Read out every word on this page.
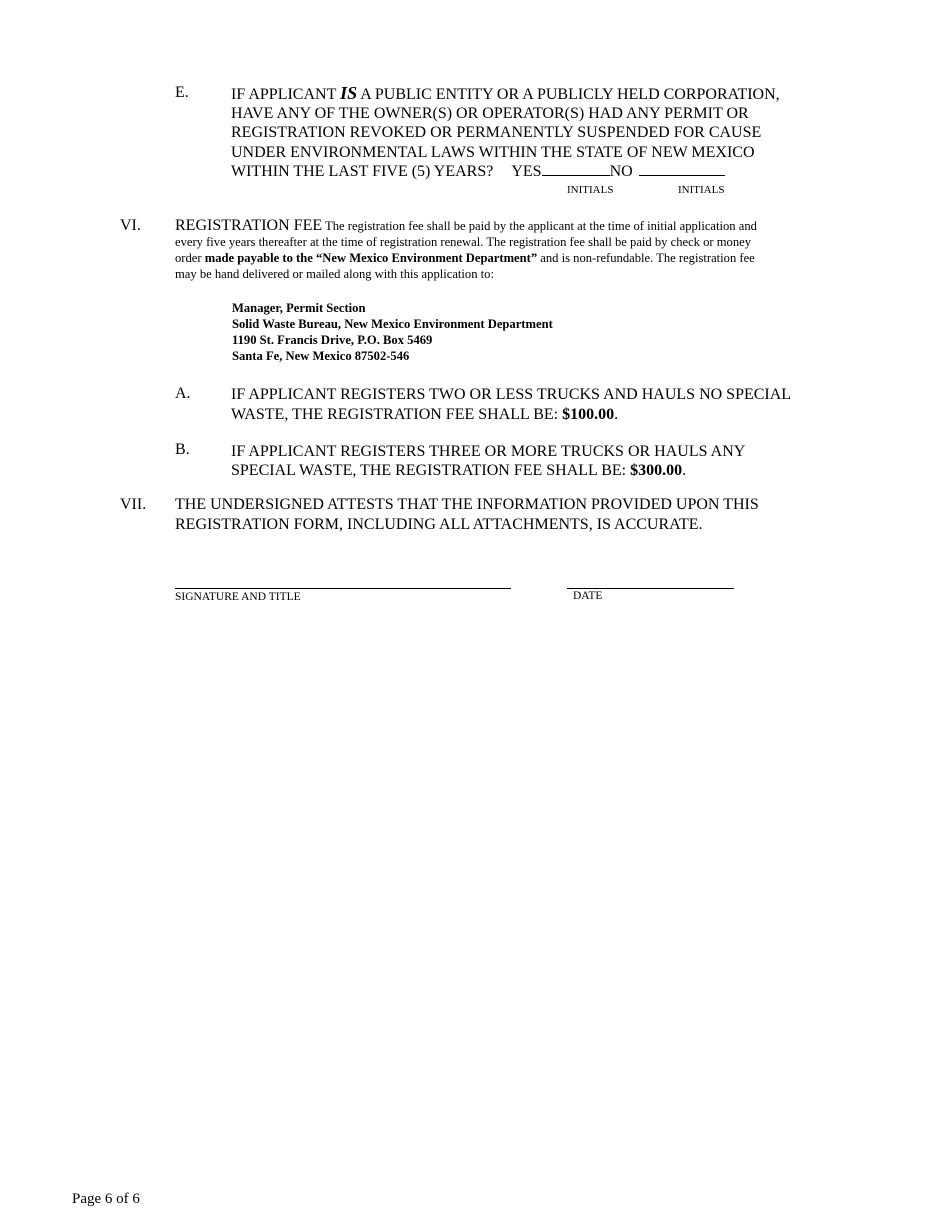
E.	IF APPLICANT IS A PUBLIC ENTITY OR A PUBLICLY HELD CORPORATION,
HAVE ANY OF THE OWNER(S) OR OPERATOR(S) HAD ANY PERMIT OR
REGISTRATION REVOKED OR PERMANENTLY SUSPENDED FOR CAUSE
UNDER ENVIRONMENTAL LAWS WITHIN THE STATE OF NEW MEXICO
WITHIN THE LAST FIVE (5) YEARS? YES	NO
INITIALS	INITIALS
VI. REGISTRATION FEE The registration fee shall be paid by the applicant at the time of initial application and
every five years thereafter at the time of registration renewal. The registration fee shall be paid by check or money
order made payable to the “New Mexico Environment Department” and is non-refundable. The registration fee
may be hand delivered or mailed along with this application to:
Manager, Permit Section
Solid Waste Bureau, New Mexico Environment Department
1190 St. Francis Drive, P.O. Box 5469
Santa Fe, New Mexico 87502-546
A.	IF APPLICANT REGISTERS TWO OR LESS TRUCKS AND HAULS NO SPECIAL
WASTE, THE REGISTRATION FEE SHALL BE: $100.00.
B.	IF APPLICANT REGISTERS THREE OR MORE TRUCKS OR HAULS ANY
SPECIAL WASTE, THE REGISTRATION FEE SHALL BE: $300.00.
VII. THE UNDERSIGNED ATTESTS THAT THE INFORMATION PROVIDED UPON THIS
REGISTRATION FORM, INCLUDING ALL ATTACHMENTS, IS ACCURATE.
SIGNATURE AND TITLE	DATE
Page 6 of 6
